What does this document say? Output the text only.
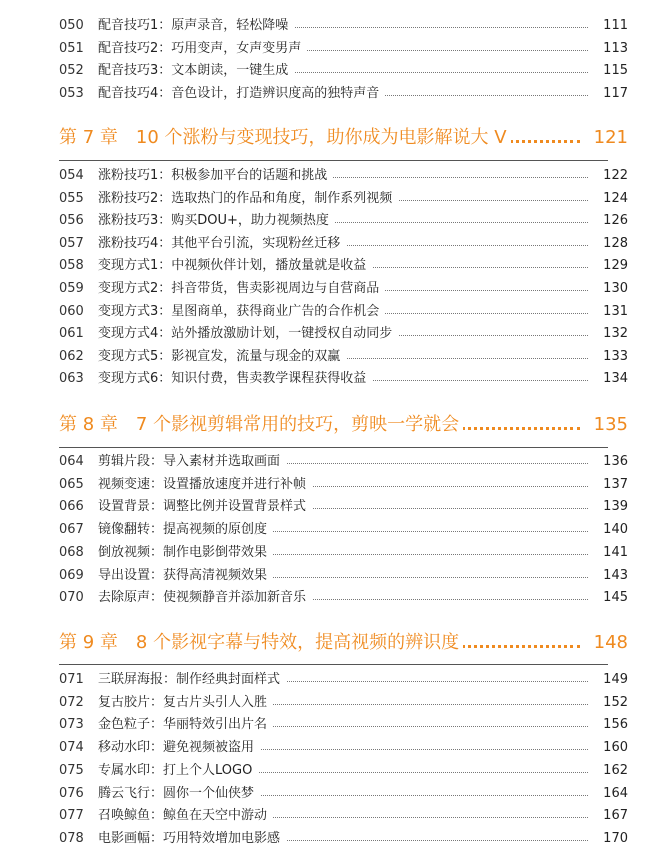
050	配音技巧1：原声录音，轻松降噪	111
051	配音技巧2：巧用变声，女声变男声	113
052	配音技巧3：文本朗读，一键生成	115
053	配音技巧4：音色设计，打造辨识度高的独特声音	117
第 7 章　10 个涨粉与变现技巧，助你成为电影解说大 V	121
054	涨粉技巧1：积极参加平台的话题和挑战	122
055	涨粉技巧2：选取热门的作品和角度，制作系列视频	124
056	涨粉技巧3：购买DOU+，助力视频热度	126
057	涨粉技巧4：其他平台引流，实现粉丝迁移	128
058	变现方式1：中视频伙伴计划，播放量就是收益	129
059	变现方式2：抖音带货，售卖影视周边与自营商品	130
060	变现方式3：星图商单，获得商业广告的合作机会	131
061	变现方式4：站外播放激励计划，一键授权自动同步	132
062	变现方式5：影视宣发，流量与现金的双赢	133
063	变现方式6：知识付费，售卖教学课程获得收益	134
第 8 章　7 个影视剪辑常用的技巧，剪映一学就会	135
064	剪辑片段：导入素材并选取画面	136
065	视频变速：设置播放速度并进行补帧	137
066	设置背景：调整比例并设置背景样式	139
067	镜像翻转：提高视频的原创度	140
068	倒放视频：制作电影倒带效果	141
069	导出设置：获得高清视频效果	143
070	去除原声：使视频静音并添加新音乐	145
第 9 章　8 个影视字幕与特效，提高视频的辨识度	148
071	三联屏海报：制作经典封面样式	149
072	复古胶片：复古片头引人入胜	152
073	金色粒子：华丽特效引出片名	156
074	移动水印：避免视频被盗用	160
075	专属水印：打上个人LOGO	162
076	腾云飞行：圆你一个仙侠梦	164
077	召唤鲸鱼：鲸鱼在天空中游动	167
078	电影画幅：巧用特效增加电影感	170
